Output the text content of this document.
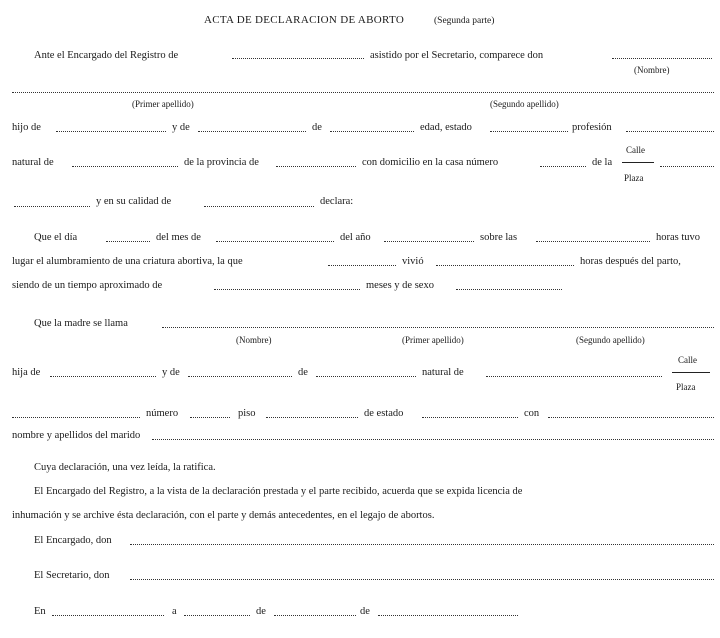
ACTA DE DECLARACION DE ABORTO	(Segunda parte)
Ante el Encargado del Registro de	asistido por el Secretario, comparece don
(Nombre)
(Primer apellido)	(Segundo apellido)
hijo de	y de	de	edad, estado	profesión
natural de	de la provincia de	con domicilio en la casa número	de la
Calle
Plaza
y en su calidad de	declara:
Que el día	del mes de	del año	sobre las	horas tuvo
lugar el alumbramiento de una criatura abortiva, la que	vivió	horas después del parto,
siendo de un tiempo aproximado de	meses y de sexo
Que la madre se llama
(Nombre)	(Primer apellido)	(Segundo apellido)
hija de	y de	de	natural de
Calle
Plaza
número	piso	de estado	con
nombre y apellidos del marido
Cuya declaración, una vez leída, la ratifica.
El Encargado del Registro, a la vista de la declaración prestada y el parte recibido, acuerda que se expida licencia de
inhumación y se archive ésta declaración, con el parte y demás antecedentes, en el legajo de abortos.
El Encargado, don
El Secretario, don
En	a	de	de
